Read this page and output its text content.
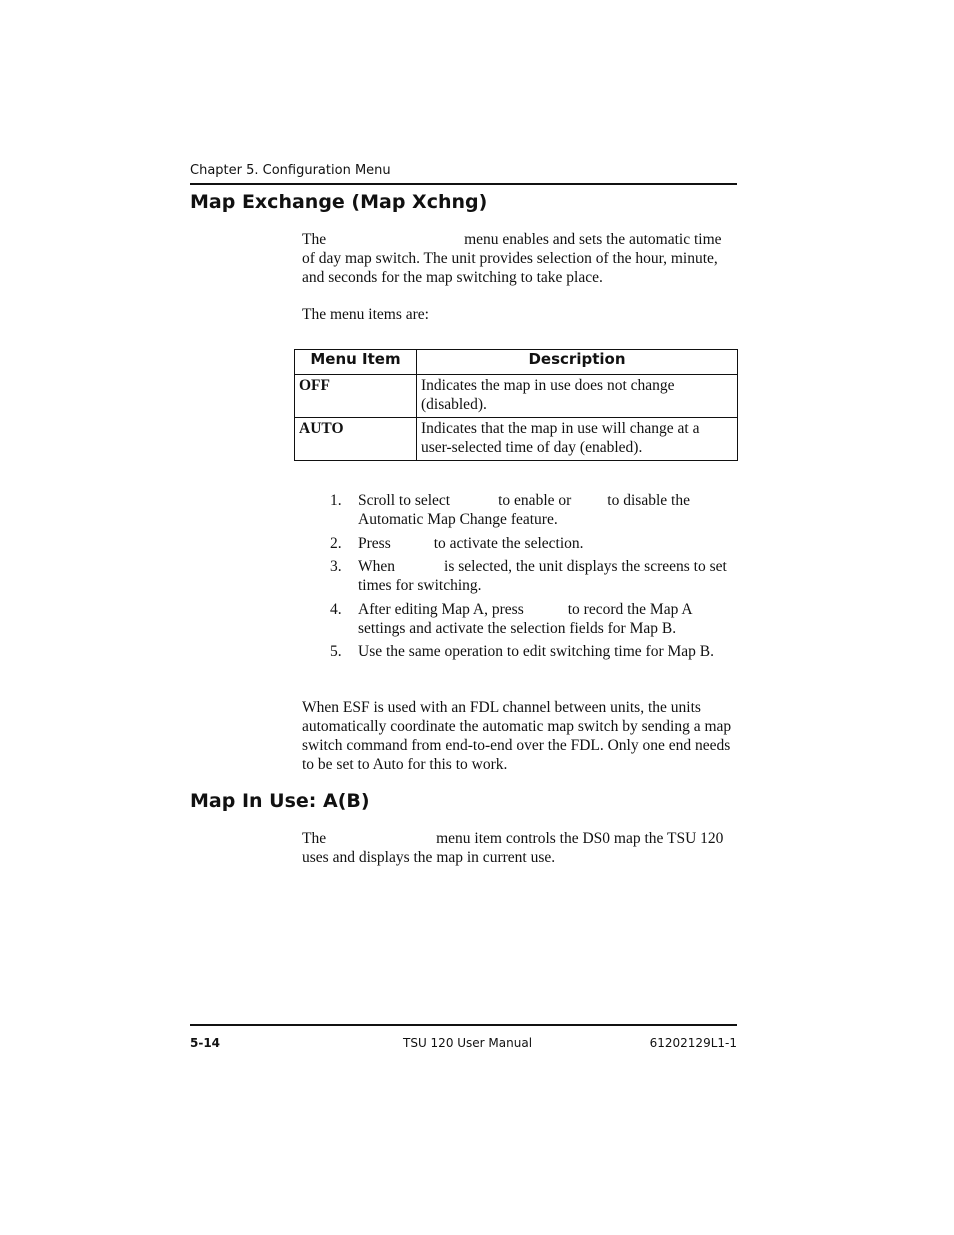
Chapter 5. Configuration Menu
Map Exchange (Map Xchng)
The	menu enables and sets the automatic time of day map switch. The unit provides selection of the hour, minute, and seconds for the map switching to take place.
The menu items are:
Menu Item	Description
OFF	Indicates the map in use does not change (disabled).
AUTO	Indicates that the map in use will change at a user-selected time of day (enabled).
1. Scroll to select	to enable or to disable the Automatic Map Change feature.
2. Press	to activate the selection.
3. When	is selected, the unit displays the screens to set times for switching.
4. After editing Map A, press	to record the Map A settings and activate the selection fields for Map B.
5. Use the same operation to edit switching time for Map B.
When ESF is used with an FDL channel between units, the units automatically coordinate the automatic map switch by sending a map switch command from end-to-end over the FDL. Only one end needs to be set to Auto for this to work.
Map In Use: A(B)
The	menu item controls the DS0 map the TSU 120 uses and displays the map in current use.
5-14	TSU 120 User Manual	61202129L1-1
